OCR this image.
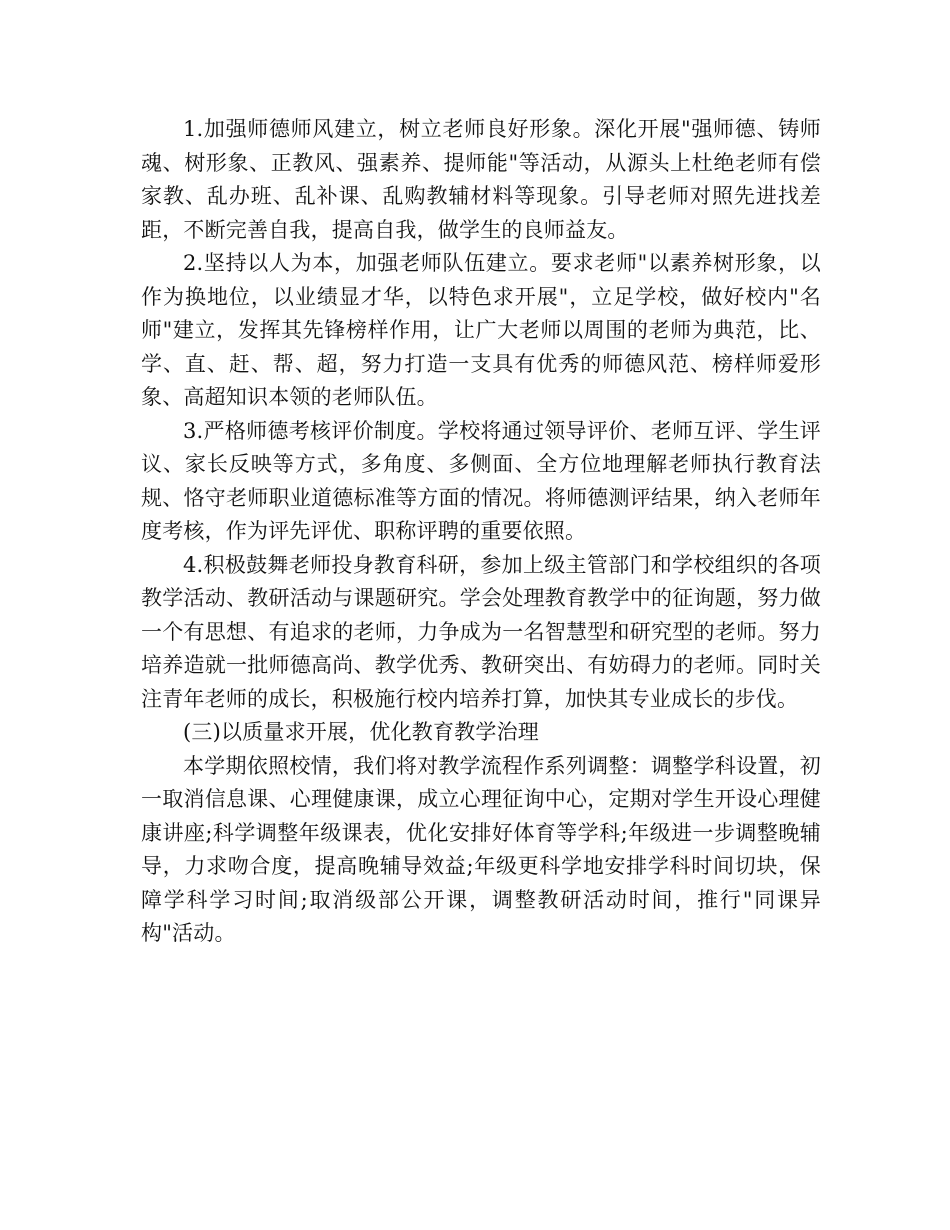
1.加强师德师风建立，树立老师良好形象。深化开展"强师德、铸师魂、树形象、正教风、强素养、提师能"等活动，从源头上杜绝老师有偿家教、乱办班、乱补课、乱购教辅材料等现象。引导老师对照先进找差距，不断完善自我，提高自我，做学生的良师益友。

2.坚持以人为本，加强老师队伍建立。要求老师"以素养树形象，以作为换地位，以业绩显才华，以特色求开展"，立足学校，做好校内"名师"建立，发挥其先锋榜样作用，让广大老师以周围的老师为典范，比、学、直、赶、帮、超，努力打造一支具有优秀的师德风范、榜样师爱形象、高超知识本领的老师队伍。

3.严格师德考核评价制度。学校将通过领导评价、老师互评、学生评议、家长反映等方式，多角度、多侧面、全方位地理解老师执行教育法规、恪守老师职业道德标准等方面的情况。将师德测评结果，纳入老师年度考核，作为评先评优、职称评聘的重要依照。

4.积极鼓舞老师投身教育科研，参加上级主管部门和学校组织的各项教学活动、教研活动与课题研究。学会处理教育教学中的征询题，努力做一个有思想、有追求的老师，力争成为一名智慧型和研究型的老师。努力培养造就一批师德高尚、教学优秀、教研突出、有妨碍力的老师。同时关注青年老师的成长，积极施行校内培养打算，加快其专业成长的步伐。

(三)以质量求开展，优化教育教学治理

本学期依照校情，我们将对教学流程作系列调整：调整学科设置，初一取消信息课、心理健康课，成立心理征询中心，定期对学生开设心理健康讲座;科学调整年级课表，优化安排好体育等学科;年级进一步调整晚辅导，力求吻合度，提高晚辅导效益;年级更科学地安排学科时间切块，保障学科学习时间;取消级部公开课，调整教研活动时间，推行"同课异构"活动。
